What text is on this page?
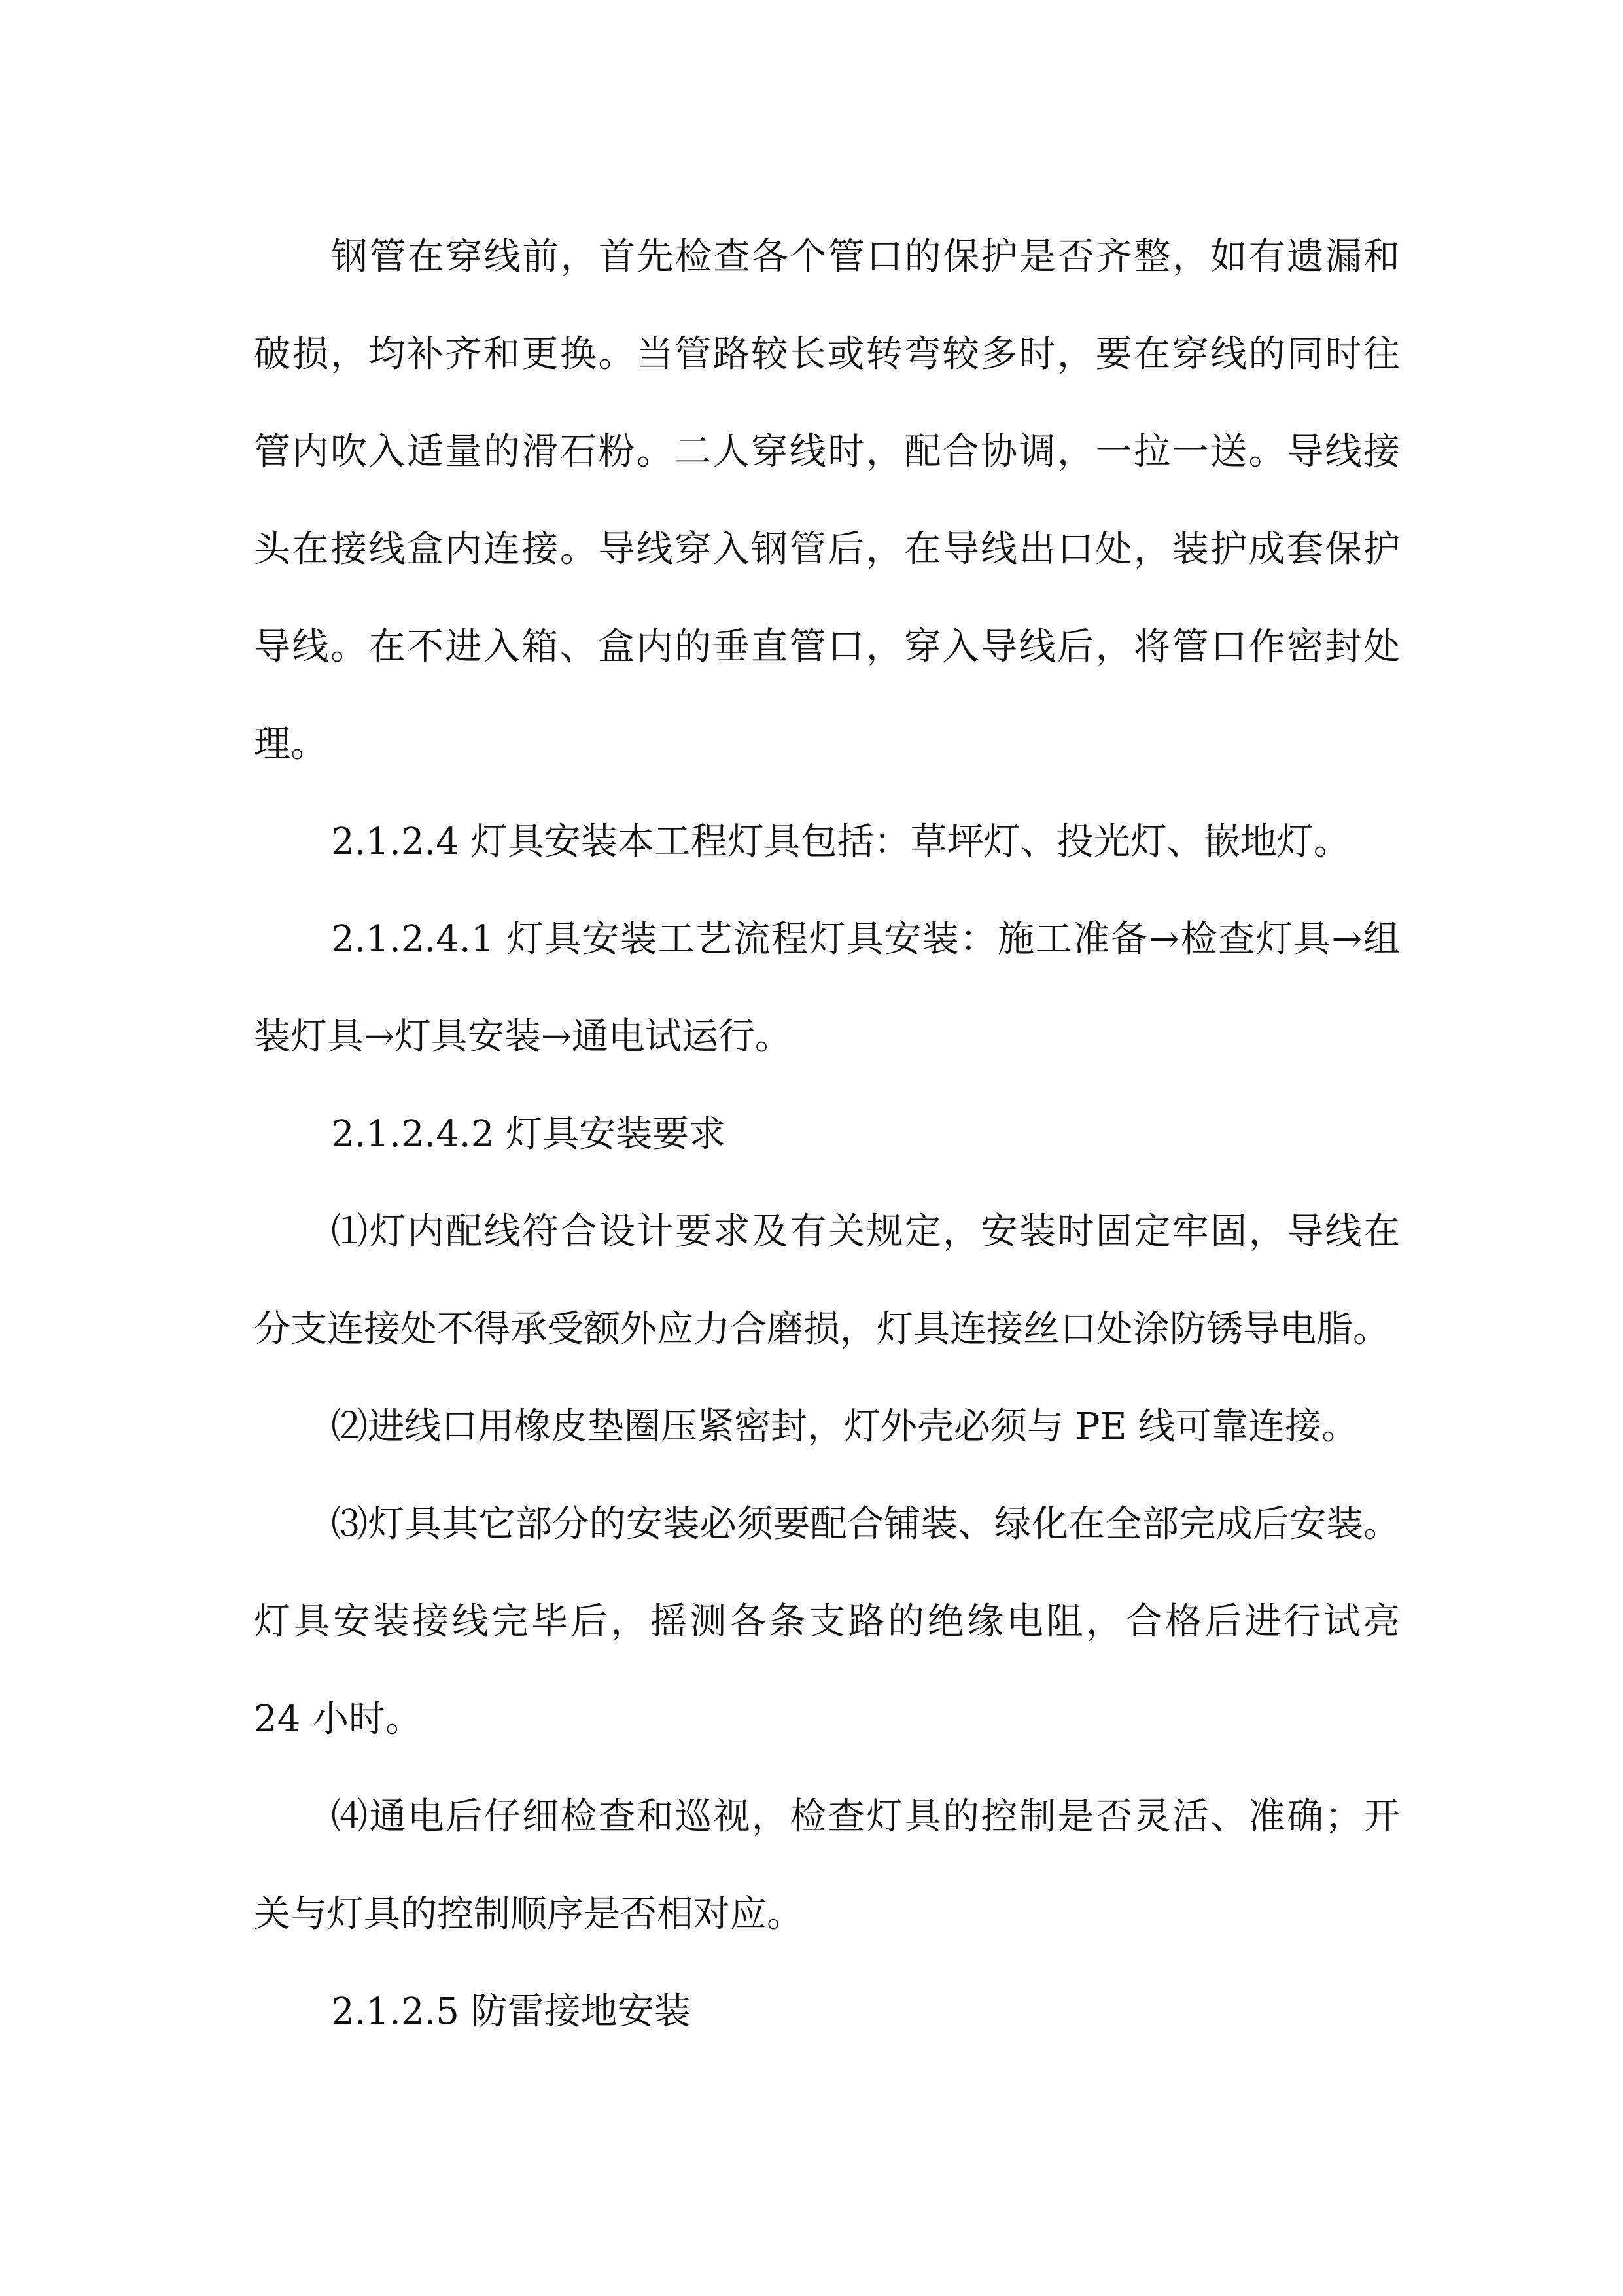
钢管在穿线前，首先检查各个管口的保护是否齐整，如有遗漏和
破损，均补齐和更换。当管路较长或转弯较多时，要在穿线的同时往
管内吹入适量的滑石粉。二人穿线时，配合协调，一拉一送。导线接
头在接线盒内连接。导线穿入钢管后，在导线出口处，装护成套保护
导线。在不进入箱、盒内的垂直管口，穿入导线后，将管口作密封处
理。
2.1.2.4 灯具安装本工程灯具包括：草坪灯、投光灯、嵌地灯。
2.1.2.4.1 灯具安装工艺流程灯具安装：施工准备→检查灯具→组
装灯具→灯具安装→通电试运行。
2.1.2.4.2 灯具安装要求
⑴灯内配线符合设计要求及有关规定，安装时固定牢固，导线在
分支连接处不得承受额外应力合磨损，灯具连接丝口处涂防锈导电脂。
⑵进线口用橡皮垫圈压紧密封，灯外壳必须与 PE 线可靠连接。
⑶灯具其它部分的安装必须要配合铺装、绿化在全部完成后安装。
灯具安装接线完毕后，摇测各条支路的绝缘电阻，合格后进行试亮
24 小时。
⑷通电后仔细检查和巡视，检查灯具的控制是否灵活、准确；开
关与灯具的控制顺序是否相对应。
2.1.2.5 防雷接地安装
